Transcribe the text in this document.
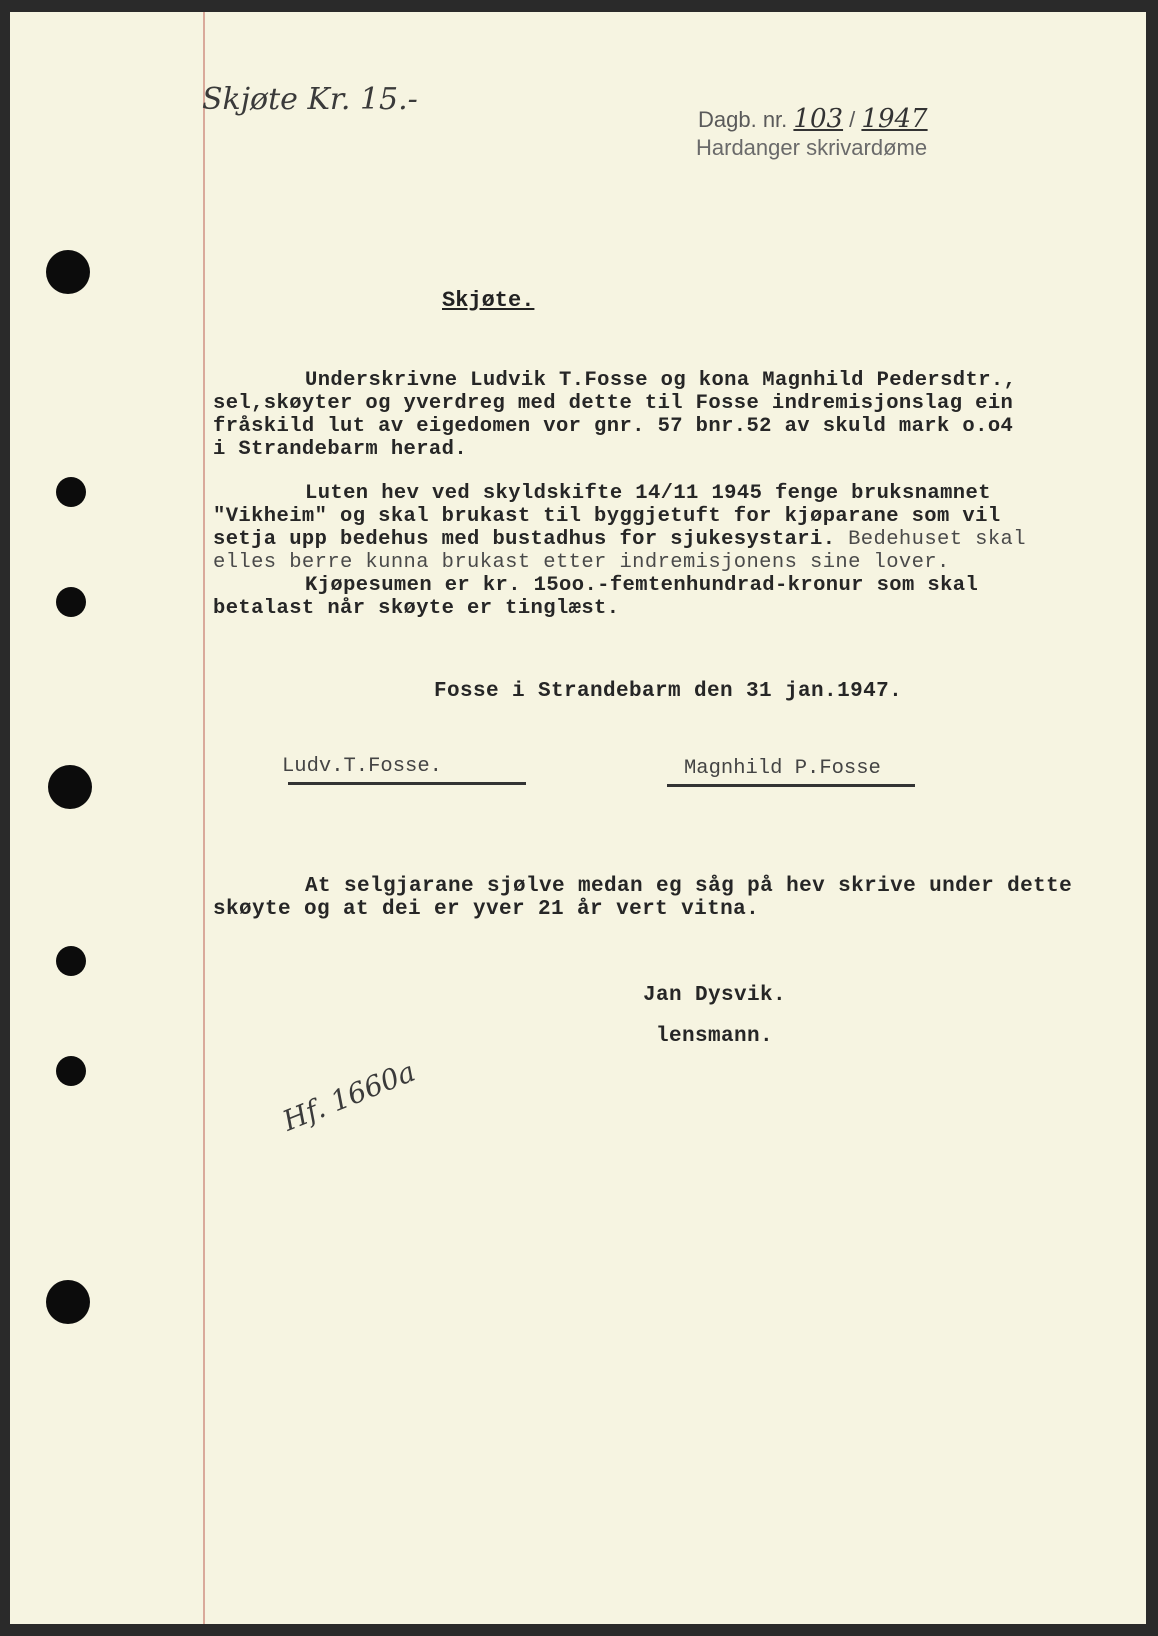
Skjøte Kr. 15.-
Dagb. nr. 103 / 1947
Hardanger skrivardøme
Skjøte.
Underskrivne Ludvik T.Fosse og kona Magnhild Pedersdtr.,
sel,skøyter og yverdreg med dette til Fosse indremisjonslag ein
fråskild lut av eigedomen vor gnr. 57 bnr.52 av skuld mark o.o4
i Strandebarm herad.
Luten hev ved skyldskifte 14/11 1945 fenge bruksnamnet
"Vikheim" og skal brukast til byggjetuft for kjøparane som vil
setja upp bedehus med bustadhus for sjukesystari. Bedehuset skal
elles berre kunna brukast etter indremisjonens sine lover.
Kjøpesumen er kr. 15oo.-femtenhundrad-kronur som skal
betalast når skøyte er tinglæst.
Fosse i Strandebarm den 31 jan.1947.
Ludv.T.Fosse.	Magnhild P.Fosse
At selgjarane sjølve medan eg såg på hev skrive under dette
skøyte og at dei er yver 21 år vert vitna.
Jan Dysvik.
lensmann.
Hf. 1660a
